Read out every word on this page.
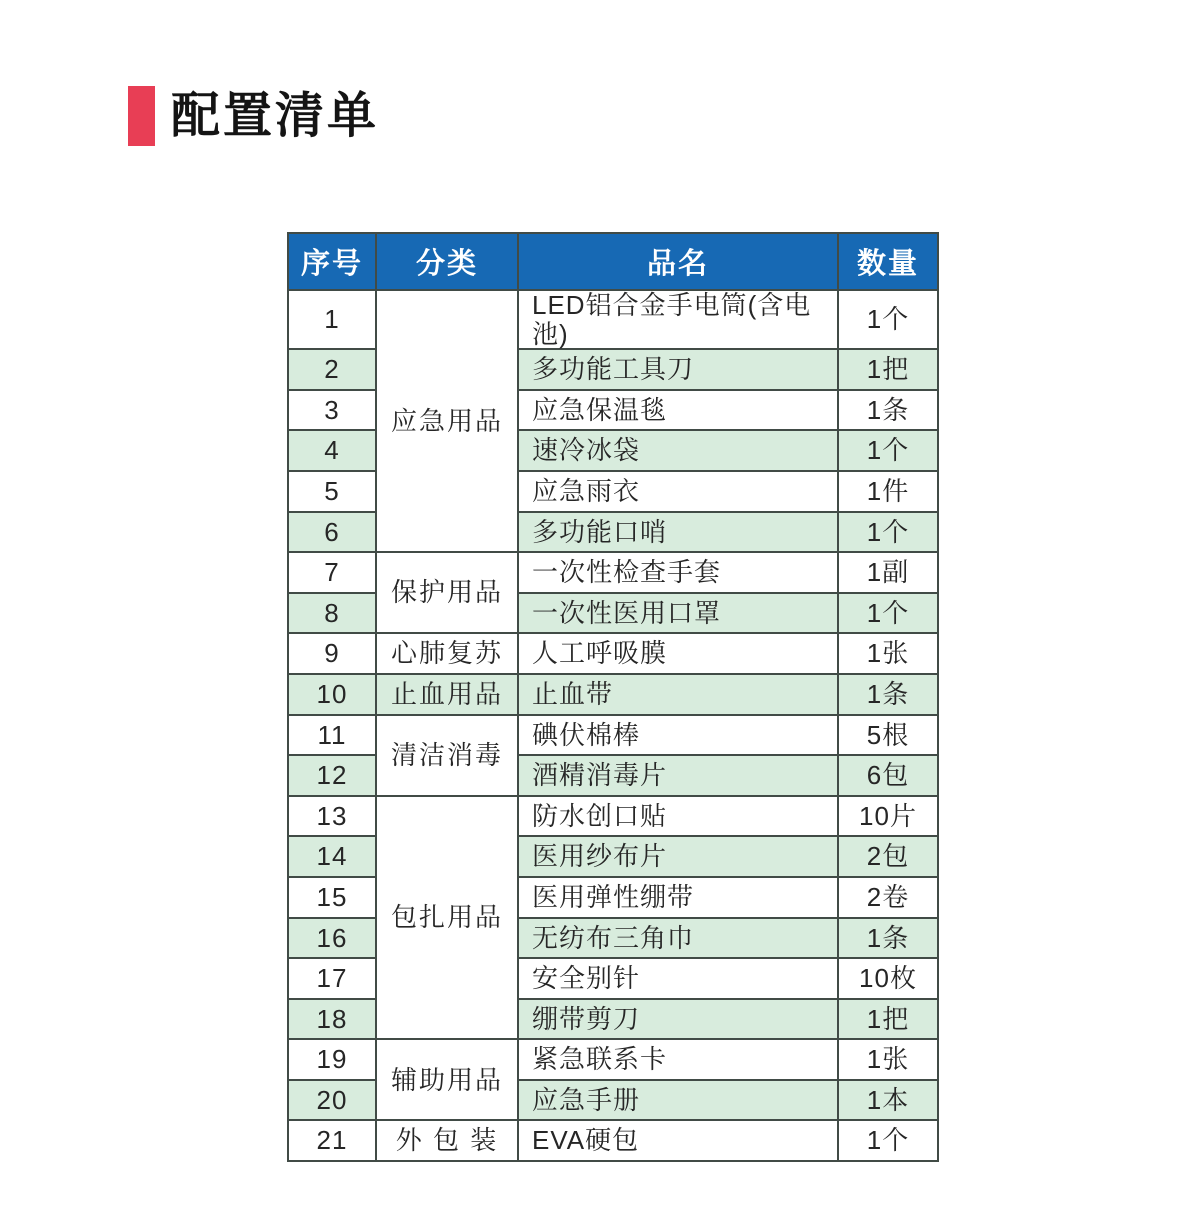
配置清单
序号	分类	品名	数量
1	应急用品	LED铝合金手电筒(含电池)	1个
2		多功能工具刀	1把
3		应急保温毯	1条
4		速冷冰袋	1个
5		应急雨衣	1件
6		多功能口哨	1个
7	保护用品	一次性检查手套	1副
8		一次性医用口罩	1个
9	心肺复苏	人工呼吸膜	1张
10	止血用品	止血带	1条
11	清洁消毒	碘伏棉棒	5根
12		酒精消毒片	6包
13	包扎用品	防水创口贴	10片
14		医用纱布片	2包
15		医用弹性绷带	2卷
16		无纺布三角巾	1条
17		安全别针	10枚
18		绷带剪刀	1把
19	辅助用品	紧急联系卡	1张
20		应急手册	1本
21	外 包 装	EVA硬包	1个
